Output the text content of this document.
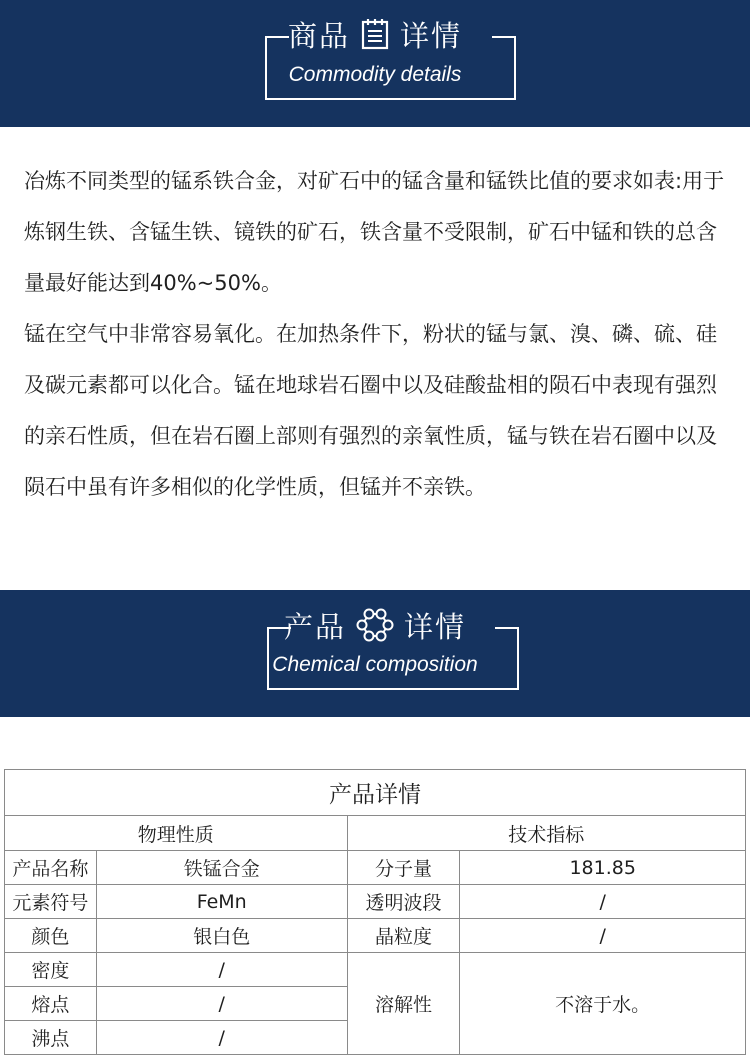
商品 详情
Commodity details

冶炼不同类型的锰系铁合金，对矿石中的锰含量和锰铁比值的要求如表:用于炼钢生铁、含锰生铁、镜铁的矿石，铁含量不受限制，矿石中锰和铁的总含量最好能达到40%~50%。

锰在空气中非常容易氧化。在加热条件下，粉状的锰与氯、溴、磷、硫、硅及碳元素都可以化合。锰在地球岩石圈中以及硅酸盐相的陨石中表现有强烈的亲石性质，但在岩石圈上部则有强烈的亲氧性质，锰与铁在岩石圈中以及陨石中虽有许多相似的化学性质，但锰并不亲铁。

产品 详情
Chemical composition
产品详情			
物理性质		技术指标	
产品名称	铁锰合金	分子量	181.85
元素符号	FeMn	透明波段	/
颜色	银白色	晶粒度	/
密度	/	溶解性	不溶于水。
熔点	/		
沸点	/		
